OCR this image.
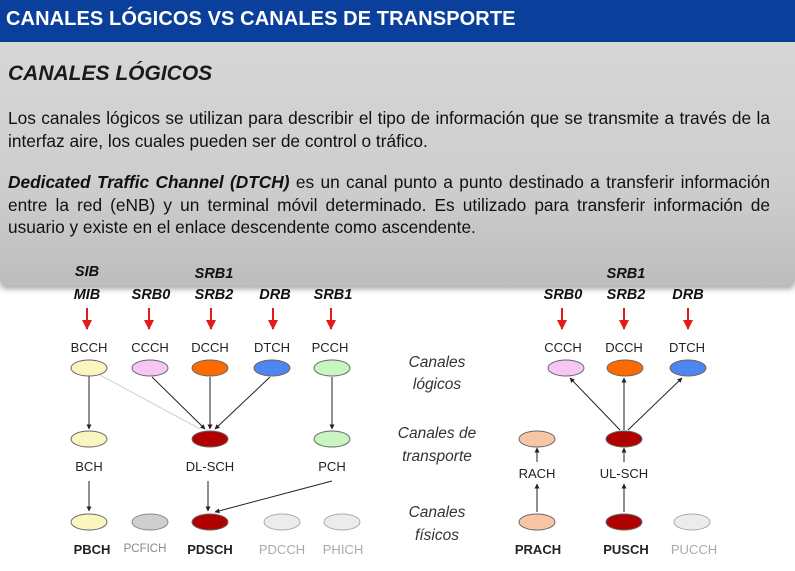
CANALES LÓGICOS VS CANALES DE TRANSPORTE
CANALES LÓGICOS
Los canales lógicos se utilizan para describir el tipo de información que se transmite a través de la interfaz aire, los cuales pueden ser de control o tráfico.
Dedicated Traffic Channel (DTCH) es un canal punto a punto destinado a transferir información entre la red (eNB) y un terminal móvil determinado. Es utilizado para transferir información de usuario y existe en el enlace descendente como ascendente.
SIB
MIB SRB0
SRB1
SRB2 DRB SRB1	SRB0
SRB1
SRB2 DRB
BCCH CCCH DCCH DTCH PCCH
BCH	DL-SCH	PCH
PBCH PCFICH PDSCH PDCCH PHICH
Canales
lógicos
Canales de
transporte
Canales
físicos
CCCH DCCH DTCH
RACH	UL-SCH
PRACH	PUSCH PUCCH
